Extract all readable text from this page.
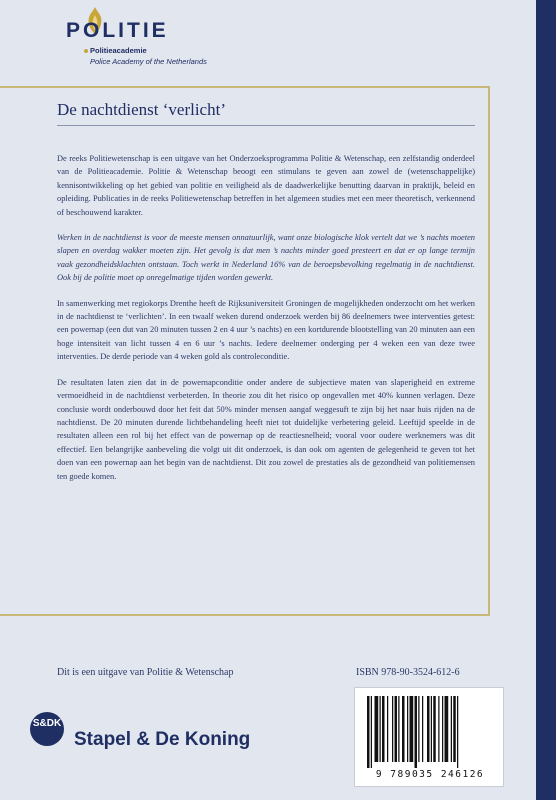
POLITIE
Politieacademie
Police Academy of the Netherlands
De nachtdienst ‘verlicht’

De reeks Politiewetenschap is een uitgave van het Onderzoeksprogramma Politie & Wetenschap, een zelfstandig onderdeel van de Politieacademie. Politie & Wetenschap beoogt een stimulans te geven aan zowel de (wetenschappelijke) kennisontwikkeling op het gebied van politie en veiligheid als de daadwerkelijke benutting daarvan in praktijk, beleid en opleiding. Publicaties in de reeks Politiewetenschap betreffen in het algemeen studies met een meer theoretisch, verkennend of beschouwend karakter.

Werken in de nachtdienst is voor de meeste mensen onnatuurlijk, want onze biologische klok vertelt dat we ’s nachts moeten slapen en overdag wakker moeten zijn. Het gevolg is dat men ’s nachts minder goed presteert en dat er op lange termijn vaak gezondheidsklachten ontstaan. Toch werkt in Nederland 16% van de beroepsbevolking regelmatig in de nachtdienst. Ook bij de politie moet op onregelmatige tijden worden gewerkt.

In samenwerking met regiokorps Drenthe heeft de Rijksuniversiteit Groningen de mogelijkheden onderzocht om het werken in de nachtdienst te ‘verlichten’. In een twaalf weken durend onderzoek werden bij 86 deelnemers twee interventies getest: een powernap (een dut van 20 minuten tussen 2 en 4 uur ’s nachts) en een kortdurende blootstelling van 20 minuten aan een hoge intensiteit van licht tussen 4 en 6 uur ’s nachts. Iedere deelnemer onderging per 4 weken een van deze twee interventies. De derde periode van 4 weken gold als controleconditie.

De resultaten laten zien dat in de powernapconditie onder andere de subjectieve maten van slaperigheid en extreme vermoeidheid in de nachtdienst verbeterden. In theorie zou dit het risico op ongevallen met 40% kunnen verlagen. Deze conclusie wordt onderbouwd door het feit dat 50% minder mensen aangaf weggesuft te zijn bij het naar huis rijden na de nachtdienst. De 20 minuten durende lichtbehandeling heeft niet tot duidelijke verbetering geleid. Leeftijd speelde in de resultaten alleen een rol bij het effect van de powernap op de reactiesnelheid; vooral voor oudere werknemers was dit effectief. Een belangrijke aanbeveling die volgt uit dit onderzoek, is dan ook om agenten de gelegenheid te geven tot het doen van een powernap aan het begin van de nachtdienst. Dit zou zowel de prestaties als de gezondheid van politiemensen ten goede komen.

Dit is een uitgave van Politie & Wetenschap	ISBN 978-90-3524-612-6
S&DK
Stapel & De Koning
9 789035 246126
